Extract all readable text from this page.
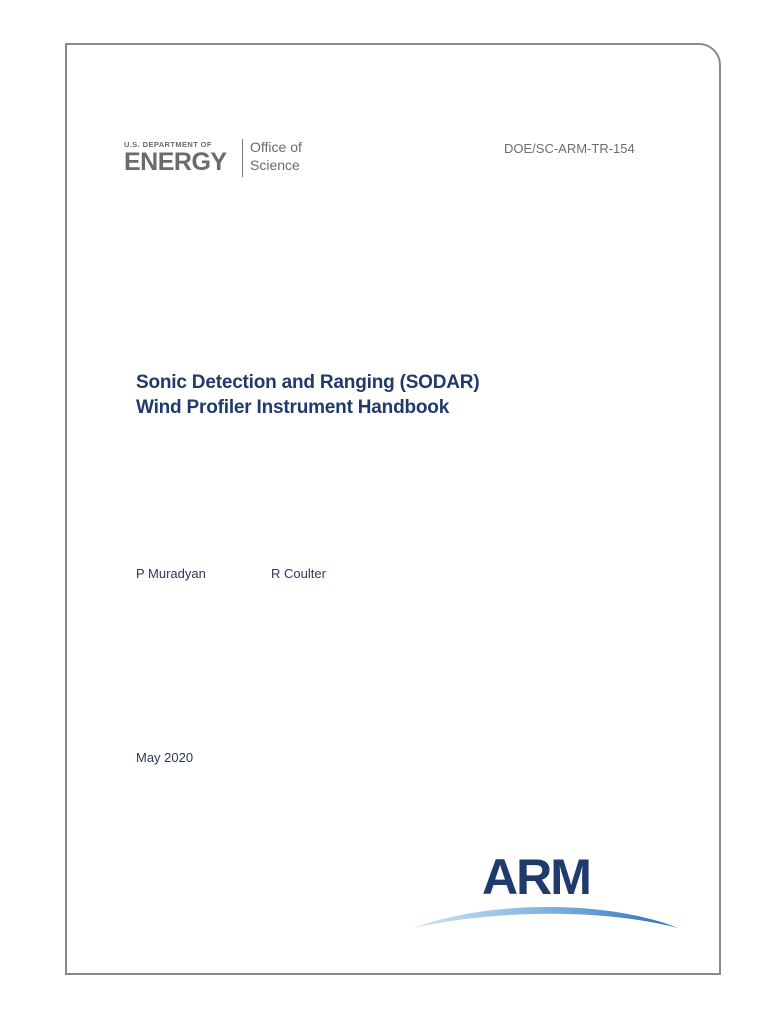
U.S. DEPARTMENT OF
ENERGY
Office of
Science
DOE/SC-ARM-TR-154
Sonic Detection and Ranging (SODAR)
Wind Profiler Instrument Handbook
P Muradyan	R Coulter
May 2020
ARM
